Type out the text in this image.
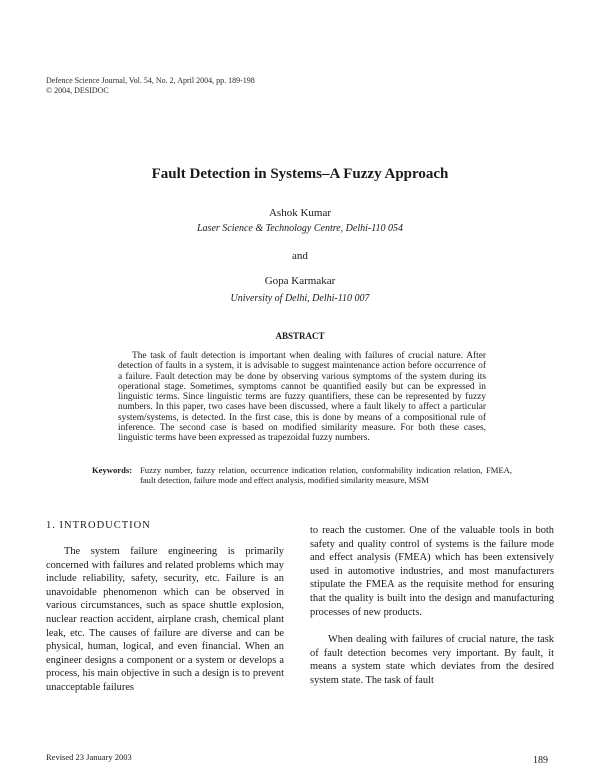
Defence Science Journal, Vol. 54, No. 2, April 2004, pp. 189-198
© 2004, DESIDOC
Fault Detection in Systems–A Fuzzy Approach
Ashok Kumar
Laser Science & Technology Centre, Delhi-110 054
and
Gopa Karmakar
University of Delhi, Delhi-110 007
ABSTRACT
The task of fault detection is important when dealing with failures of crucial nature. After detection of faults in a system, it is advisable to suggest maintenance action before occurrence of a failure. Fault detection may be done by observing various symptoms of the system during its operational stage. Sometimes, symptoms cannot be quantified easily but can be expressed in linguistic terms. Since linguistic terms are fuzzy quantifiers, these can be represented by fuzzy numbers. In this paper, two cases have been discussed, where a fault likely to affect a particular system/systems, is detected. In the first case, this is done by means of a compositional rule of inference. The second case is based on modified similarity measure. For both these cases, linguistic terms have been expressed as trapezoidal fuzzy numbers.
Keywords: Fuzzy number, fuzzy relation, occurrence indication relation, conformability indication relation, FMEA, fault detection, failure mode and effect analysis, modified similarity measure, MSM
1. INTRODUCTION
The system failure engineering is primarily concerned with failures and related problems which may include reliability, safety, security, etc. Failure is an unavoidable phenomenon which can be observed in various circumstances, such as space shuttle explosion, nuclear reaction accident, airplane crash, chemical plant leak, etc. The causes of failure are diverse and can be physical, human, logical, and even financial. When an engineer designs a component or a system or develops a process, his main objective in such a design is to prevent unacceptable failures

to reach the customer. One of the valuable tools in both safety and quality control of systems is the failure mode and effect analysis (FMEA) which has been extensively used in automotive industries, and most manufacturers stipulate the FMEA as the requisite method for ensuring that the quality is built into the design and manufacturing processes of new products.

When dealing with failures of crucial nature, the task of fault detection becomes very important. By fault, it means a system state which deviates from the desired system state. The task of fault

Revised 23 January 2003	189
